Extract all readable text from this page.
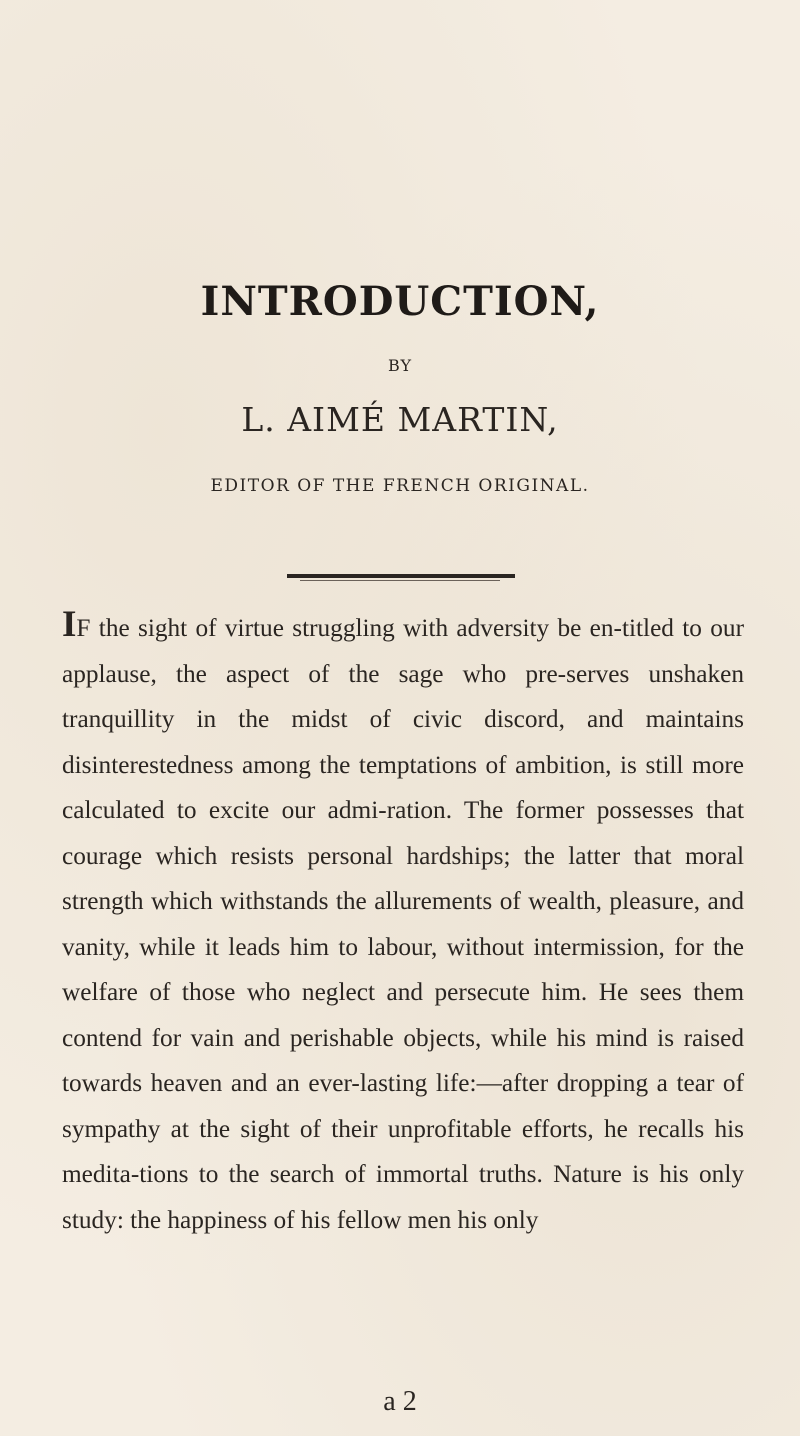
INTRODUCTION,
BY
L. AIMÉ MARTIN,
EDITOR OF THE FRENCH ORIGINAL.

IF the sight of virtue struggling with adversity be en-titled to our applause, the aspect of the sage who pre-serves unshaken tranquillity in the midst of civic discord, and maintains disinterestedness among the temptations of ambition, is still more calculated to excite our admi-ration. The former possesses that courage which resists personal hardships; the latter that moral strength which withstands the allurements of wealth, pleasure, and vanity, while it leads him to labour, without intermission, for the welfare of those who neglect and persecute him. He sees them contend for vain and perishable objects, while his mind is raised towards heaven and an ever-lasting life:—after dropping a tear of sympathy at the sight of their unprofitable efforts, he recalls his medita-tions to the search of immortal truths. Nature is his only study: the happiness of his fellow men his only

a 2
